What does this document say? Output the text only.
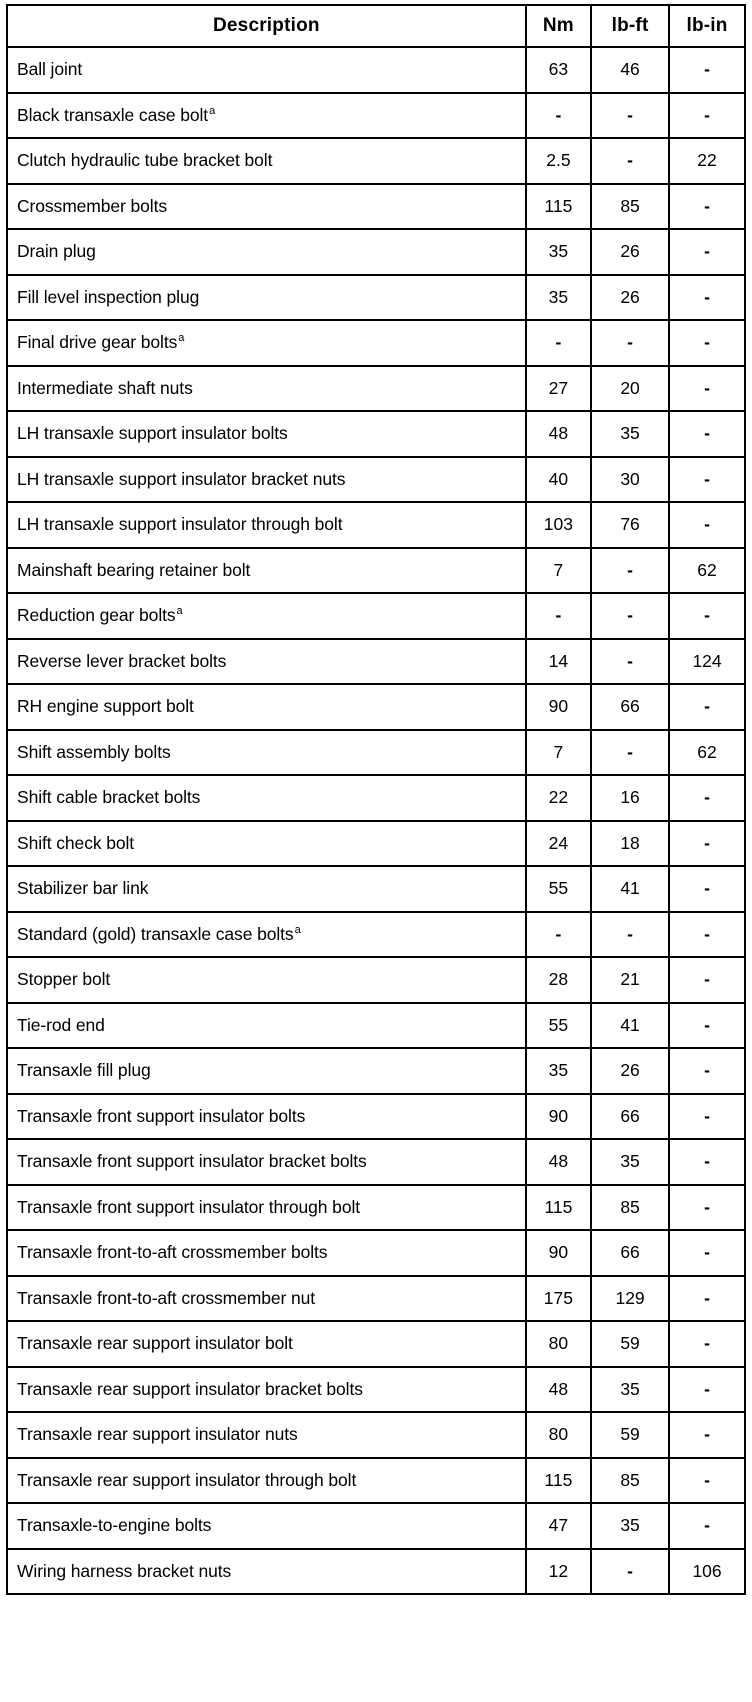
Description	Nm	lb-ft	lb-in
Ball joint	63	46	-
Black transaxle case bolt$^a$	-	-	-
Clutch hydraulic tube bracket bolt	2.5	-	22
Crossmember bolts	115	85	-
Drain plug	35	26	-
Fill level inspection plug	35	26	-
Final drive gear bolts$^a$	-	-	-
Intermediate shaft nuts	27	20	-
LH transaxle support insulator bolts	48	35	-
LH transaxle support insulator bracket nuts	40	30	-
LH transaxle support insulator through bolt	103	76	-
Mainshaft bearing retainer bolt	7	-	62
Reduction gear bolts$^a$	-	-	-
Reverse lever bracket bolts	14	-	124
RH engine support bolt	90	66	-
Shift assembly bolts	7	-	62
Shift cable bracket bolts	22	16	-
Shift check bolt	24	18	-
Stabilizer bar link	55	41	-
Standard (gold) transaxle case bolts$^a$	-	-	-
Stopper bolt	28	21	-
Tie-rod end	55	41	-
Transaxle fill plug	35	26	-
Transaxle front support insulator bolts	90	66	-
Transaxle front support insulator bracket bolts	48	35	-
Transaxle front support insulator through bolt	115	85	-
Transaxle front-to-aft crossmember bolts	90	66	-
Transaxle front-to-aft crossmember nut	175	129	-
Transaxle rear support insulator bolt	80	59	-
Transaxle rear support insulator bracket bolts	48	35	-
Transaxle rear support insulator nuts	80	59	-
Transaxle rear support insulator through bolt	115	85	-
Transaxle-to-engine bolts	47	35	-
Wiring harness bracket nuts	12	-	106
